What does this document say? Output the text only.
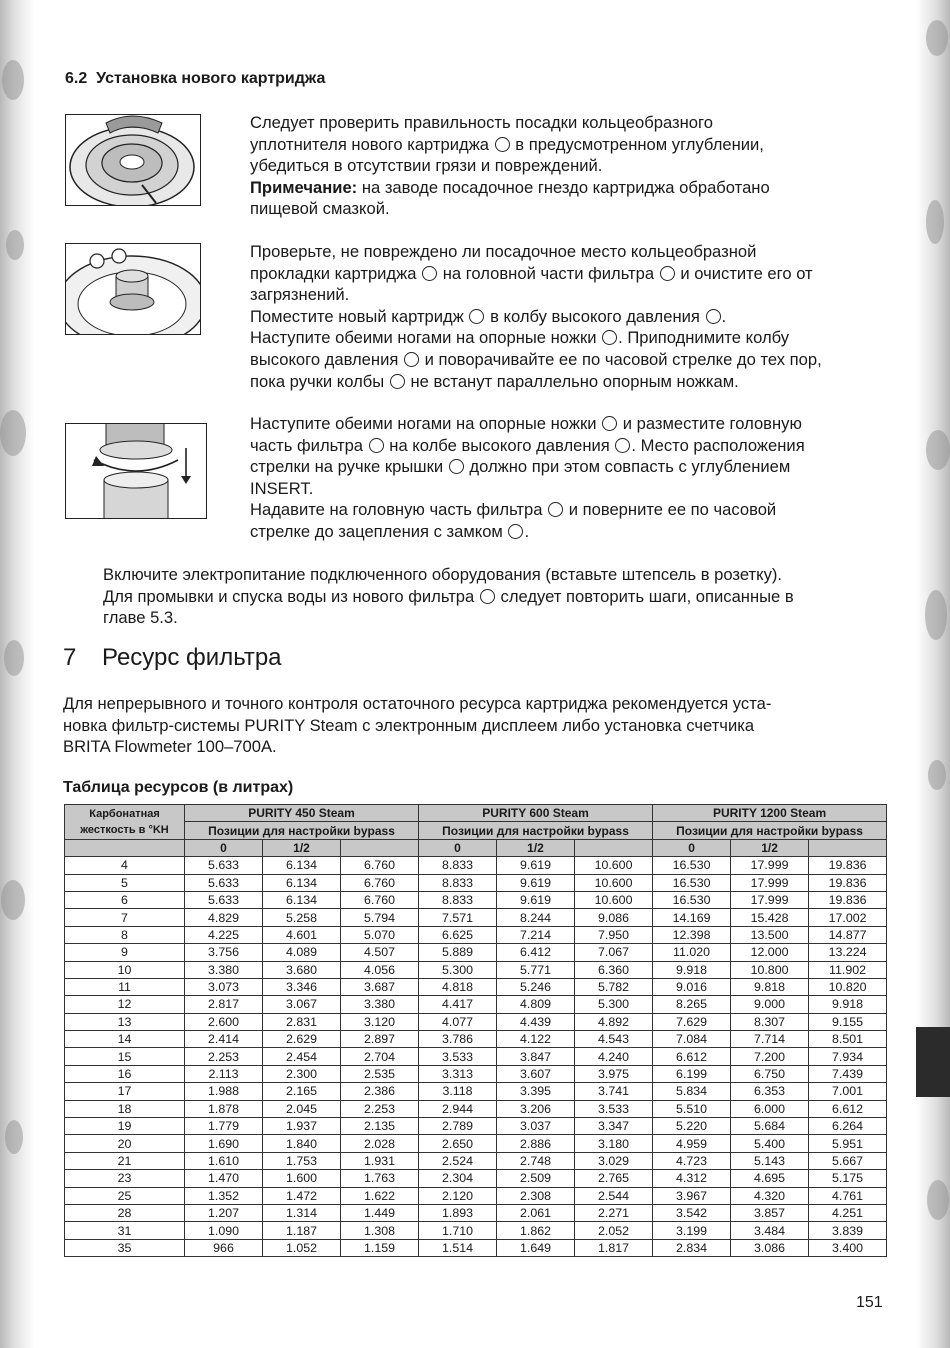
6.2 Установка нового картриджа
Следует проверить правильность посадки кольцеобразного
уплотнителя нового картриджа в предусмотренном углублении,
убедиться в отсутствии грязи и повреждений.
Примечание: на заводе посадочное гнездо картриджа обработано
пищевой смазкой.
Проверьте, не повреждено ли посадочное место кольцеобразной
прокладки картриджа на головной части фильтра и очистите его от
загрязнений.
Поместите новый картридж в колбу высокого давления .
Наступите обеими ногами на опорные ножки . Приподнимите колбу
высокого давления и поворачивайте ее по часовой стрелке до тех пор,
пока ручки колбы не встанут параллельно опорным ножкам.
Наступите обеими ногами на опорные ножки и разместите головную
часть фильтра на колбе высокого давления . Место расположения
стрелки на ручке крышки должно при этом совпасть с углублением
INSERT.
Надавите на головную часть фильтра и поверните ее по часовой
стрелке до зацепления с замком .
Включите электропитание подключенного оборудования (вставьте штепсель в розетку).
Для промывки и спуска воды из нового фильтра следует повторить шаги, описанные в
главе 5.3.
7 Ресурс фильтра
Для непрерывного и точного контроля остаточного ресурса картриджа рекомендуется уста-
новка фильтр-системы PURITY Steam с электронным дисплеем либо установка счетчика
BRITA Flowmeter 100–700A.
Таблица ресурсов (в литрах)
Карбонатная жесткость в °KH	PURITY 450 Steam			PURITY 600 Steam			PURITY 1200 Steam		
	Позиции для настройки bypass			Позиции для настройки bypass			Позиции для настройки bypass		
	0	1/2		0	1/2		0	1/2	
4	5.633	6.134	6.760	8.833	9.619	10.600	16.530	17.999	19.836
5	5.633	6.134	6.760	8.833	9.619	10.600	16.530	17.999	19.836
6	5.633	6.134	6.760	8.833	9.619	10.600	16.530	17.999	19.836
7	4.829	5.258	5.794	7.571	8.244	9.086	14.169	15.428	17.002
8	4.225	4.601	5.070	6.625	7.214	7.950	12.398	13.500	14.877
9	3.756	4.089	4.507	5.889	6.412	7.067	11.020	12.000	13.224
10	3.380	3.680	4.056	5.300	5.771	6.360	9.918	10.800	11.902
11	3.073	3.346	3.687	4.818	5.246	5.782	9.016	9.818	10.820
12	2.817	3.067	3.380	4.417	4.809	5.300	8.265	9.000	9.918
13	2.600	2.831	3.120	4.077	4.439	4.892	7.629	8.307	9.155
14	2.414	2.629	2.897	3.786	4.122	4.543	7.084	7.714	8.501
15	2.253	2.454	2.704	3.533	3.847	4.240	6.612	7.200	7.934
16	2.113	2.300	2.535	3.313	3.607	3.975	6.199	6.750	7.439
17	1.988	2.165	2.386	3.118	3.395	3.741	5.834	6.353	7.001
18	1.878	2.045	2.253	2.944	3.206	3.533	5.510	6.000	6.612
19	1.779	1.937	2.135	2.789	3.037	3.347	5.220	5.684	6.264
20	1.690	1.840	2.028	2.650	2.886	3.180	4.959	5.400	5.951
21	1.610	1.753	1.931	2.524	2.748	3.029	4.723	5.143	5.667
23	1.470	1.600	1.763	2.304	2.509	2.765	4.312	4.695	5.175
25	1.352	1.472	1.622	2.120	2.308	2.544	3.967	4.320	4.761
28	1.207	1.314	1.449	1.893	2.061	2.271	3.542	3.857	4.251
31	1.090	1.187	1.308	1.710	1.862	2.052	3.199	3.484	3.839
35	966	1.052	1.159	1.514	1.649	1.817	2.834	3.086	3.400
151
